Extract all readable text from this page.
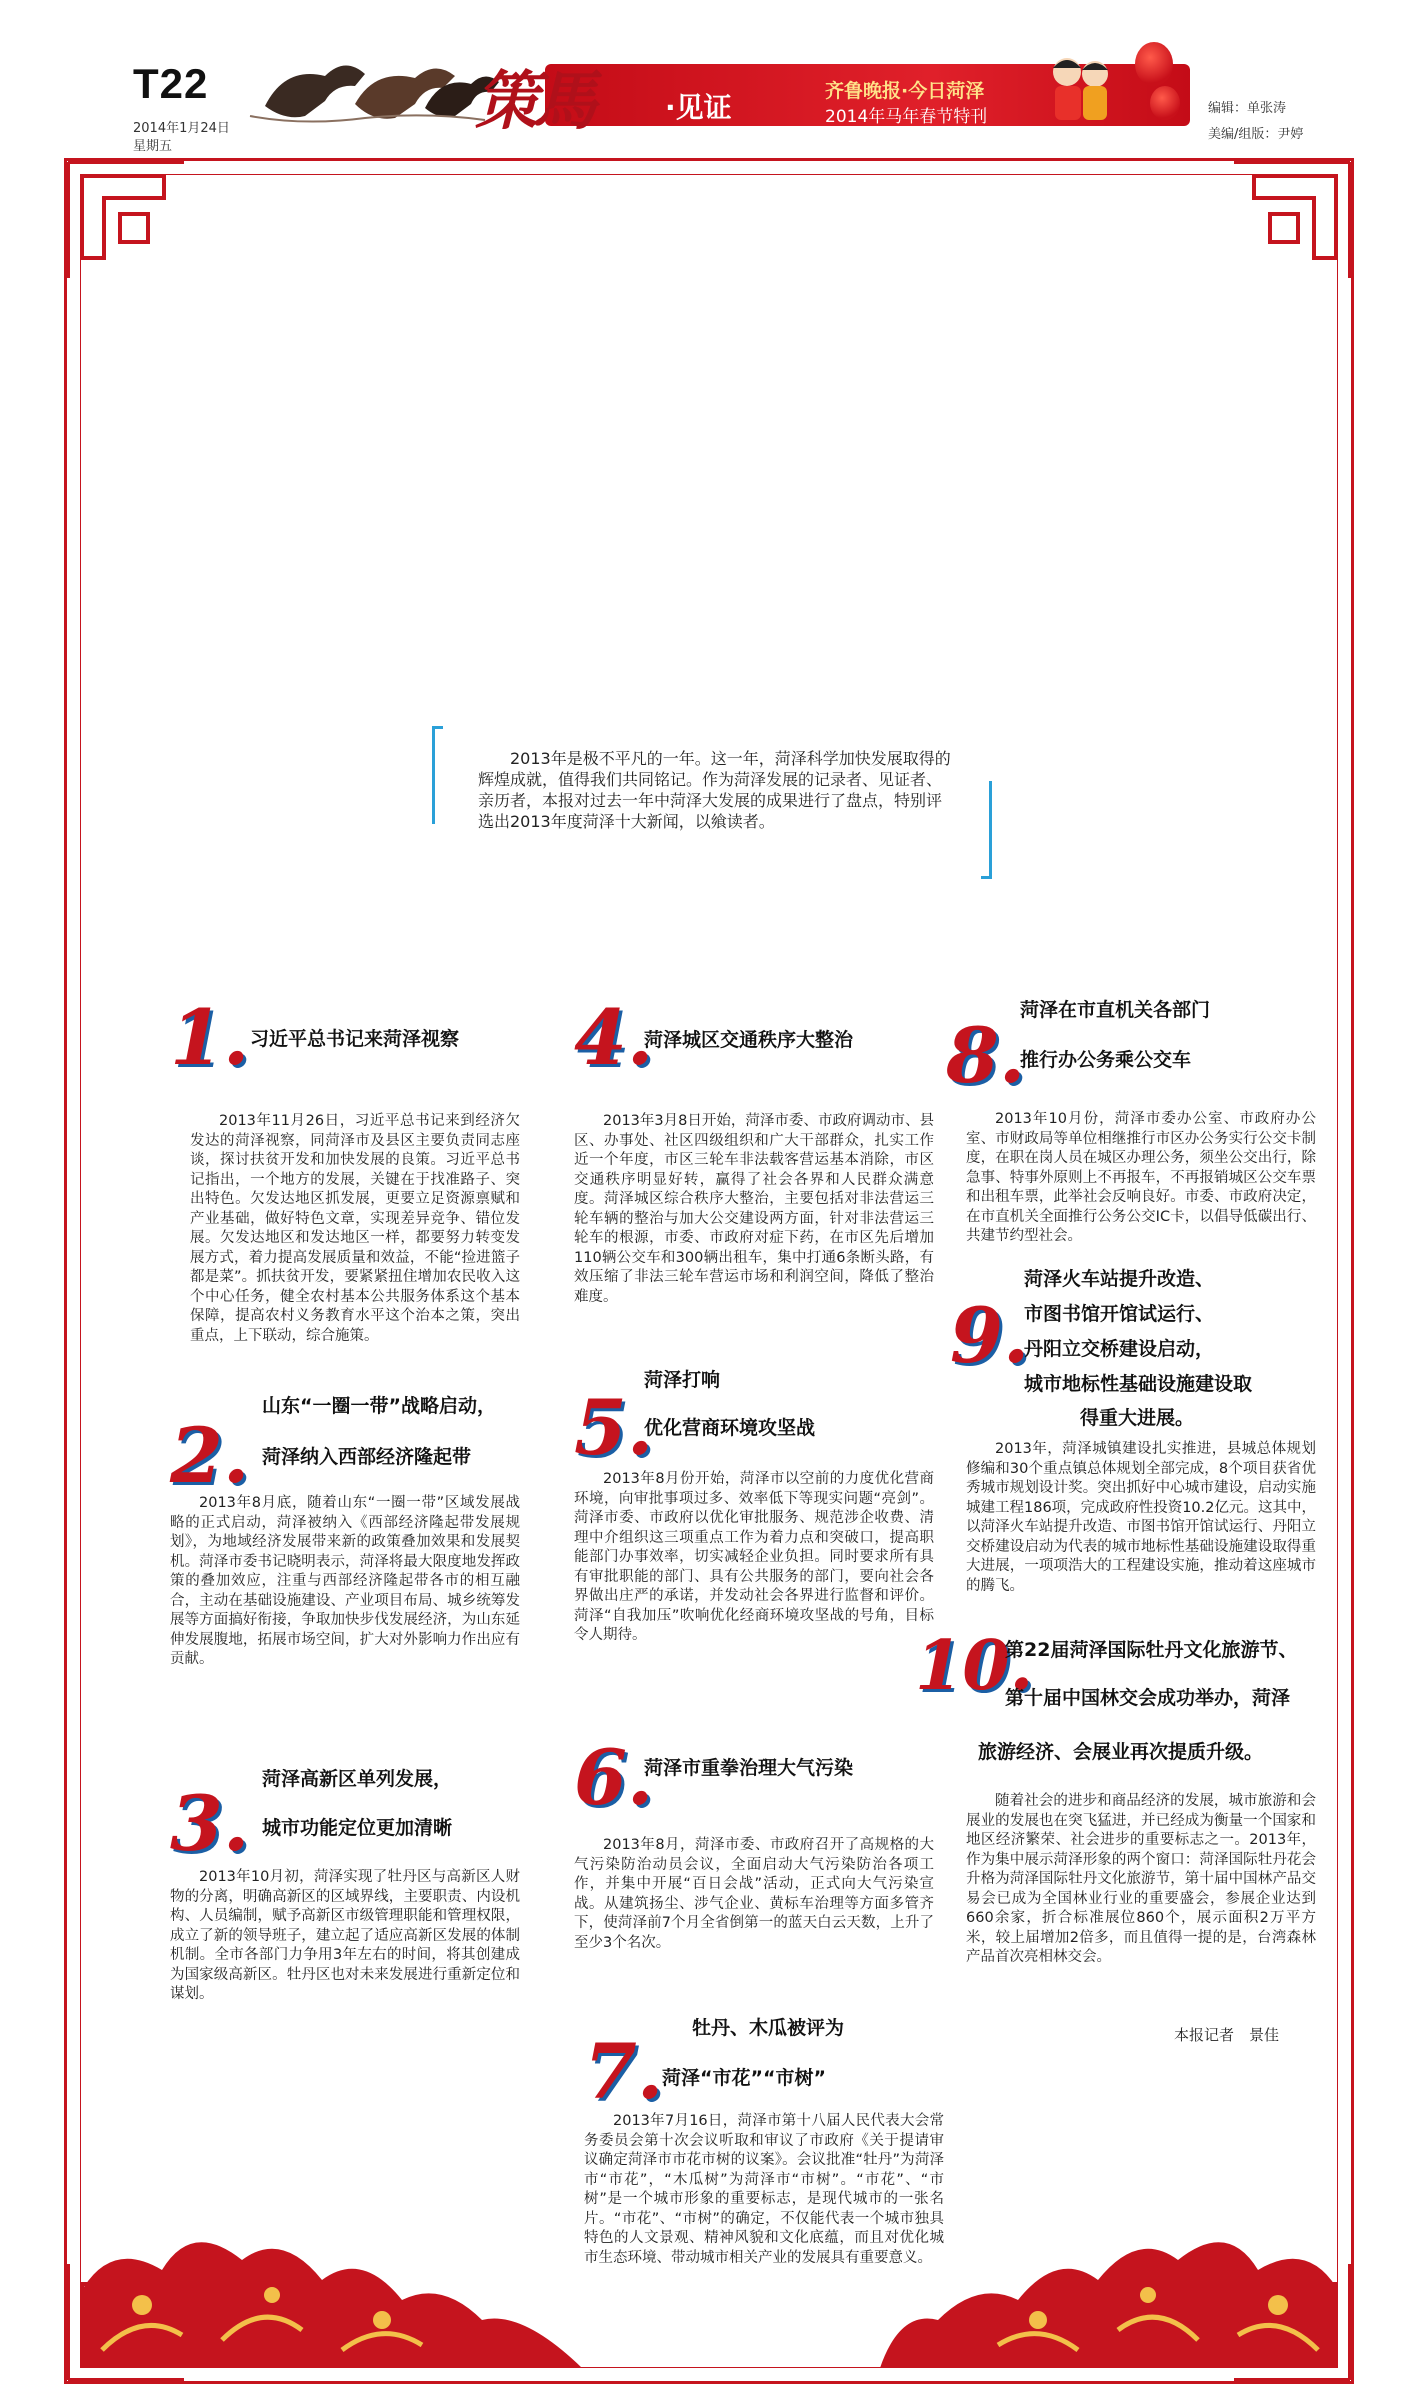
T22
2014年1月24日
星期五
策馬	·见证	齐鲁晚报·今日菏泽
2014年马年春节特刊	编辑：单张涛
美编/组版：尹婷
2013年是极不平凡的一年。这一年，菏泽科学加快发展取得的辉煌成就，值得我们共同铭记。作为菏泽发展的记录者、见证者、亲历者，本报对过去一年中菏泽大发展的成果进行了盘点，特别评选出2013年度菏泽十大新闻，以飨读者。
1. 习近平总书记来菏泽视察
2013年11月26日，习近平总书记来到经济欠发达的菏泽视察，同菏泽市及县区主要负责同志座谈，探讨扶贫开发和加快发展的良策。习近平总书记指出，一个地方的发展，关键在于找准路子、突出特色。欠发达地区抓发展，更要立足资源禀赋和产业基础，做好特色文章，实现差异竞争、错位发展。欠发达地区和发达地区一样，都要努力转变发展方式，着力提高发展质量和效益，不能“捡进篮子都是菜”。抓扶贫开发，要紧紧扭住增加农民收入这个中心任务，健全农村基本公共服务体系这个基本保障，提高农村义务教育水平这个治本之策，突出重点，上下联动，综合施策。
山东“一圈一带”战略启动，
2. 菏泽纳入西部经济隆起带
2013年8月底，随着山东“一圈一带”区域发展战略的正式启动，菏泽被纳入《西部经济隆起带发展规划》，为地域经济发展带来新的政策叠加效果和发展契机。菏泽市委书记晓明表示，菏泽将最大限度地发挥政策的叠加效应，注重与西部经济隆起带各市的相互融合，主动在基础设施建设、产业项目布局、城乡统筹发展等方面搞好衔接，争取加快步伐发展经济，为山东延伸发展腹地，拓展市场空间，扩大对外影响力作出应有贡献。
菏泽高新区单列发展，
3. 城市功能定位更加清晰
2013年10月初，菏泽实现了牡丹区与高新区人财物的分离，明确高新区的区域界线，主要职责、内设机构、人员编制，赋予高新区市级管理职能和管理权限，成立了新的领导班子，建立起了适应高新区发展的体制机制。全市各部门力争用3年左右的时间，将其创建成为国家级高新区。牡丹区也对未来发展进行重新定位和谋划。
4.
菏泽城区交通秩序大整治
2013年3月8日开始，菏泽市委、市政府调动市、县区、办事处、社区四级组织和广大干部群众，扎实工作近一个年度，市区三轮车非法载客营运基本消除，市区交通秩序明显好转，赢得了社会各界和人民群众满意度。菏泽城区综合秩序大整治，主要包括对非法营运三轮车辆的整治与加大公交建设两方面，针对非法营运三轮车的根源，市委、市政府对症下药，在市区先后增加110辆公交车和300辆出租车，集中打通6条断头路，有效压缩了非法三轮车营运市场和利润空间，降低了整治难度。
菏泽打响
5.
优化营商环境攻坚战
2013年8月份开始，菏泽市以空前的力度优化营商环境，向审批事项过多、效率低下等现实问题“亮剑”。菏泽市委、市政府以优化审批服务、规范涉企收费、清理中介组织这三项重点工作为着力点和突破口，提高职能部门办事效率，切实减轻企业负担。同时要求所有具有审批职能的部门、具有公共服务的部门，要向社会各界做出庄严的承诺，并发动社会各界进行监督和评价。菏泽“自我加压”吹响优化经商环境攻坚战的号角，目标令人期待。
6.
菏泽市重拳治理大气污染
2013年8月，菏泽市委、市政府召开了高规格的大气污染防治动员会议，全面启动大气污染防治各项工作，并集中开展“百日会战”活动，正式向大气污染宣战。从建筑扬尘、涉气企业、黄标车治理等方面多管齐下，使菏泽前7个月全省倒第一的蓝天白云天数，上升了至少3个名次。
牡丹、木瓜被评为
7.
菏泽“市花”“市树”
2013年7月16日，菏泽市第十八届人民代表大会常务委员会第十次会议听取和审议了市政府《关于提请审议确定菏泽市市花市树的议案》。会议批准“牡丹”为菏泽市“市花”，“木瓜树”为菏泽市“市树”。“市花”、“市树”是一个城市形象的重要标志，是现代城市的一张名片。“市花”、“市树”的确定，不仅能代表一个城市独具特色的人文景观、精神风貌和文化底蕴，而且对优化城市生态环境、带动城市相关产业的发展具有重要意义。
菏泽在市直机关各部门
8.
推行办公务乘公交车
2013年10月份，菏泽市委办公室、市政府办公室、市财政局等单位相继推行市区办公务实行公交卡制度，在职在岗人员在城区办理公务，须坐公交出行，除急事、特事外原则上不再报车，不再报销城区公交车票和出租车票，此举社会反响良好。市委、市政府决定，在市直机关全面推行公务公交IC卡，以倡导低碳出行、共建节约型社会。
菏泽火车站提升改造、
9.
市图书馆开馆试运行、
丹阳立交桥建设启动，
城市地标性基础设施建设取
得重大进展。
2013年，菏泽城镇建设扎实推进，县城总体规划修编和30个重点镇总体规划全部完成，8个项目获省优秀城市规划设计奖。突出抓好中心城市建设，启动实施城建工程186项，完成政府性投资10.2亿元。这其中，以菏泽火车站提升改造、市图书馆开馆试运行、丹阳立交桥建设启动为代表的城市地标性基础设施建设取得重大进展，一项项浩大的工程建设实施，推动着这座城市的腾飞。
10.
第22届菏泽国际牡丹文化旅游节、
第十届中国林交会成功举办，菏泽
旅游经济、会展业再次提质升级。
随着社会的进步和商品经济的发展，城市旅游和会展业的发展也在突飞猛进，并已经成为衡量一个国家和地区经济繁荣、社会进步的重要标志之一。2013年，作为集中展示菏泽形象的两个窗口：菏泽国际牡丹花会升格为菏泽国际牡丹文化旅游节，第十届中国林产品交易会已成为全国林业行业的重要盛会，参展企业达到660余家，折合标准展位860个，展示面积2万平方米，较上届增加2倍多，而且值得一提的是，台湾森林产品首次亮相林交会。
本报记者　景佳
